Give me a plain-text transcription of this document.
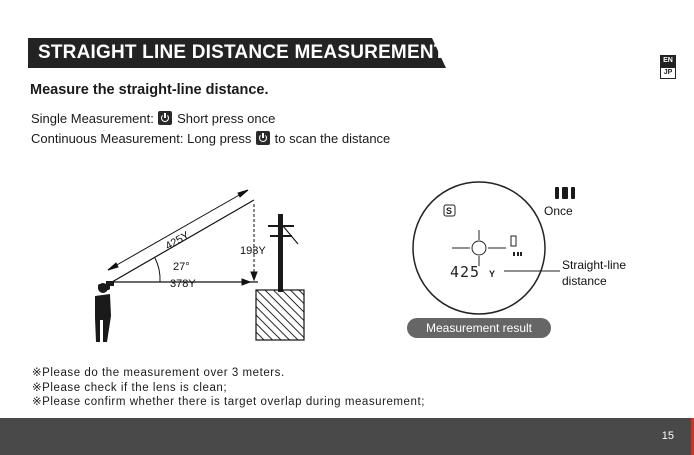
STRAIGHT LINE DISTANCE MEASUREMENT	EN
JP
Measure the straight-line distance.
Single Measurement: Short press once
Continuous Measurement: Long press to scan the distance
425Y	193Y
27°
378Y
S
425 Y
Once
Straight-line
distance
Measurement result
※Please do the measurement over 3 meters.
※Please check if the lens is clean;
※Please confirm whether there is target overlap during measurement;
15
